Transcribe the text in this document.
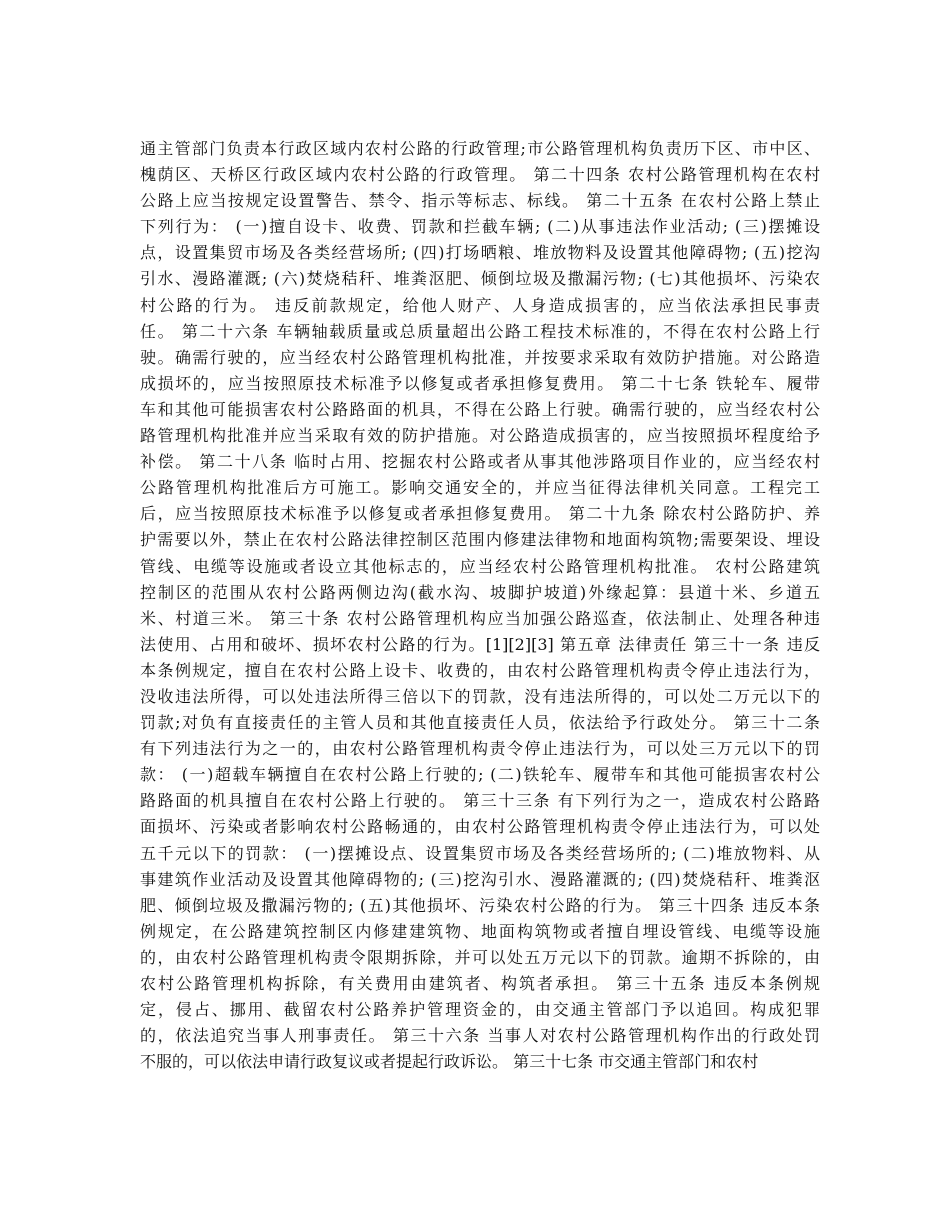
通主管部门负责本行政区域内农村公路的行政管理;市公路管理机构负责历下区、市中区、
槐荫区、天桥区行政区域内农村公路的行政管理。 第二十四条 农村公路管理机构在农村
公路上应当按规定设置警告、禁令、指示等标志、标线。 第二十五条 在农村公路上禁止
下列行为： (一)擅自设卡、收费、罚款和拦截车辆; (二)从事违法作业活动; (三)摆摊设
点，设置集贸市场及各类经营场所; (四)打场晒粮、堆放物料及设置其他障碍物; (五)挖沟
引水、漫路灌溉; (六)焚烧秸秆、堆粪沤肥、倾倒垃圾及撒漏污物; (七)其他损坏、污染农
村公路的行为。 违反前款规定，给他人财产、人身造成损害的，应当依法承担民事责
任。 第二十六条 车辆轴载质量或总质量超出公路工程技术标准的，不得在农村公路上行
驶。确需行驶的，应当经农村公路管理机构批准，并按要求采取有效防护措施。对公路造
成损坏的，应当按照原技术标准予以修复或者承担修复费用。 第二十七条 铁轮车、履带
车和其他可能损害农村公路路面的机具，不得在公路上行驶。确需行驶的，应当经农村公
路管理机构批准并应当采取有效的防护措施。对公路造成损害的，应当按照损坏程度给予
补偿。 第二十八条 临时占用、挖掘农村公路或者从事其他涉路项目作业的，应当经农村
公路管理机构批准后方可施工。影响交通安全的，并应当征得法律机关同意。工程完工
后，应当按照原技术标准予以修复或者承担修复费用。 第二十九条 除农村公路防护、养
护需要以外，禁止在农村公路法律控制区范围内修建法律物和地面构筑物;需要架设、埋设
管线、电缆等设施或者设立其他标志的，应当经农村公路管理机构批准。 农村公路建筑
控制区的范围从农村公路两侧边沟(截水沟、坡脚护坡道)外缘起算：县道十米、乡道五
米、村道三米。 第三十条 农村公路管理机构应当加强公路巡查，依法制止、处理各种违
法使用、占用和破坏、损坏农村公路的行为。[1][2][3] 第五章 法律责任 第三十一条 违反
本条例规定，擅自在农村公路上设卡、收费的，由农村公路管理机构责令停止违法行为，
没收违法所得，可以处违法所得三倍以下的罚款，没有违法所得的，可以处二万元以下的
罚款;对负有直接责任的主管人员和其他直接责任人员，依法给予行政处分。 第三十二条
有下列违法行为之一的，由农村公路管理机构责令停止违法行为，可以处三万元以下的罚
款： (一)超载车辆擅自在农村公路上行驶的; (二)铁轮车、履带车和其他可能损害农村公
路路面的机具擅自在农村公路上行驶的。 第三十三条 有下列行为之一，造成农村公路路
面损坏、污染或者影响农村公路畅通的，由农村公路管理机构责令停止违法行为，可以处
五千元以下的罚款： (一)摆摊设点、设置集贸市场及各类经营场所的; (二)堆放物料、从
事建筑作业活动及设置其他障碍物的; (三)挖沟引水、漫路灌溉的; (四)焚烧秸秆、堆粪沤
肥、倾倒垃圾及撒漏污物的; (五)其他损坏、污染农村公路的行为。 第三十四条 违反本条
例规定，在公路建筑控制区内修建建筑物、地面构筑物或者擅自埋设管线、电缆等设施
的，由农村公路管理机构责令限期拆除，并可以处五万元以下的罚款。逾期不拆除的，由
农村公路管理机构拆除，有关费用由建筑者、构筑者承担。 第三十五条 违反本条例规
定，侵占、挪用、截留农村公路养护管理资金的，由交通主管部门予以追回。构成犯罪
的，依法追究当事人刑事责任。 第三十六条 当事人对农村公路管理机构作出的行政处罚
不服的，可以依法申请行政复议或者提起行政诉讼。 第三十七条 市交通主管部门和农村
